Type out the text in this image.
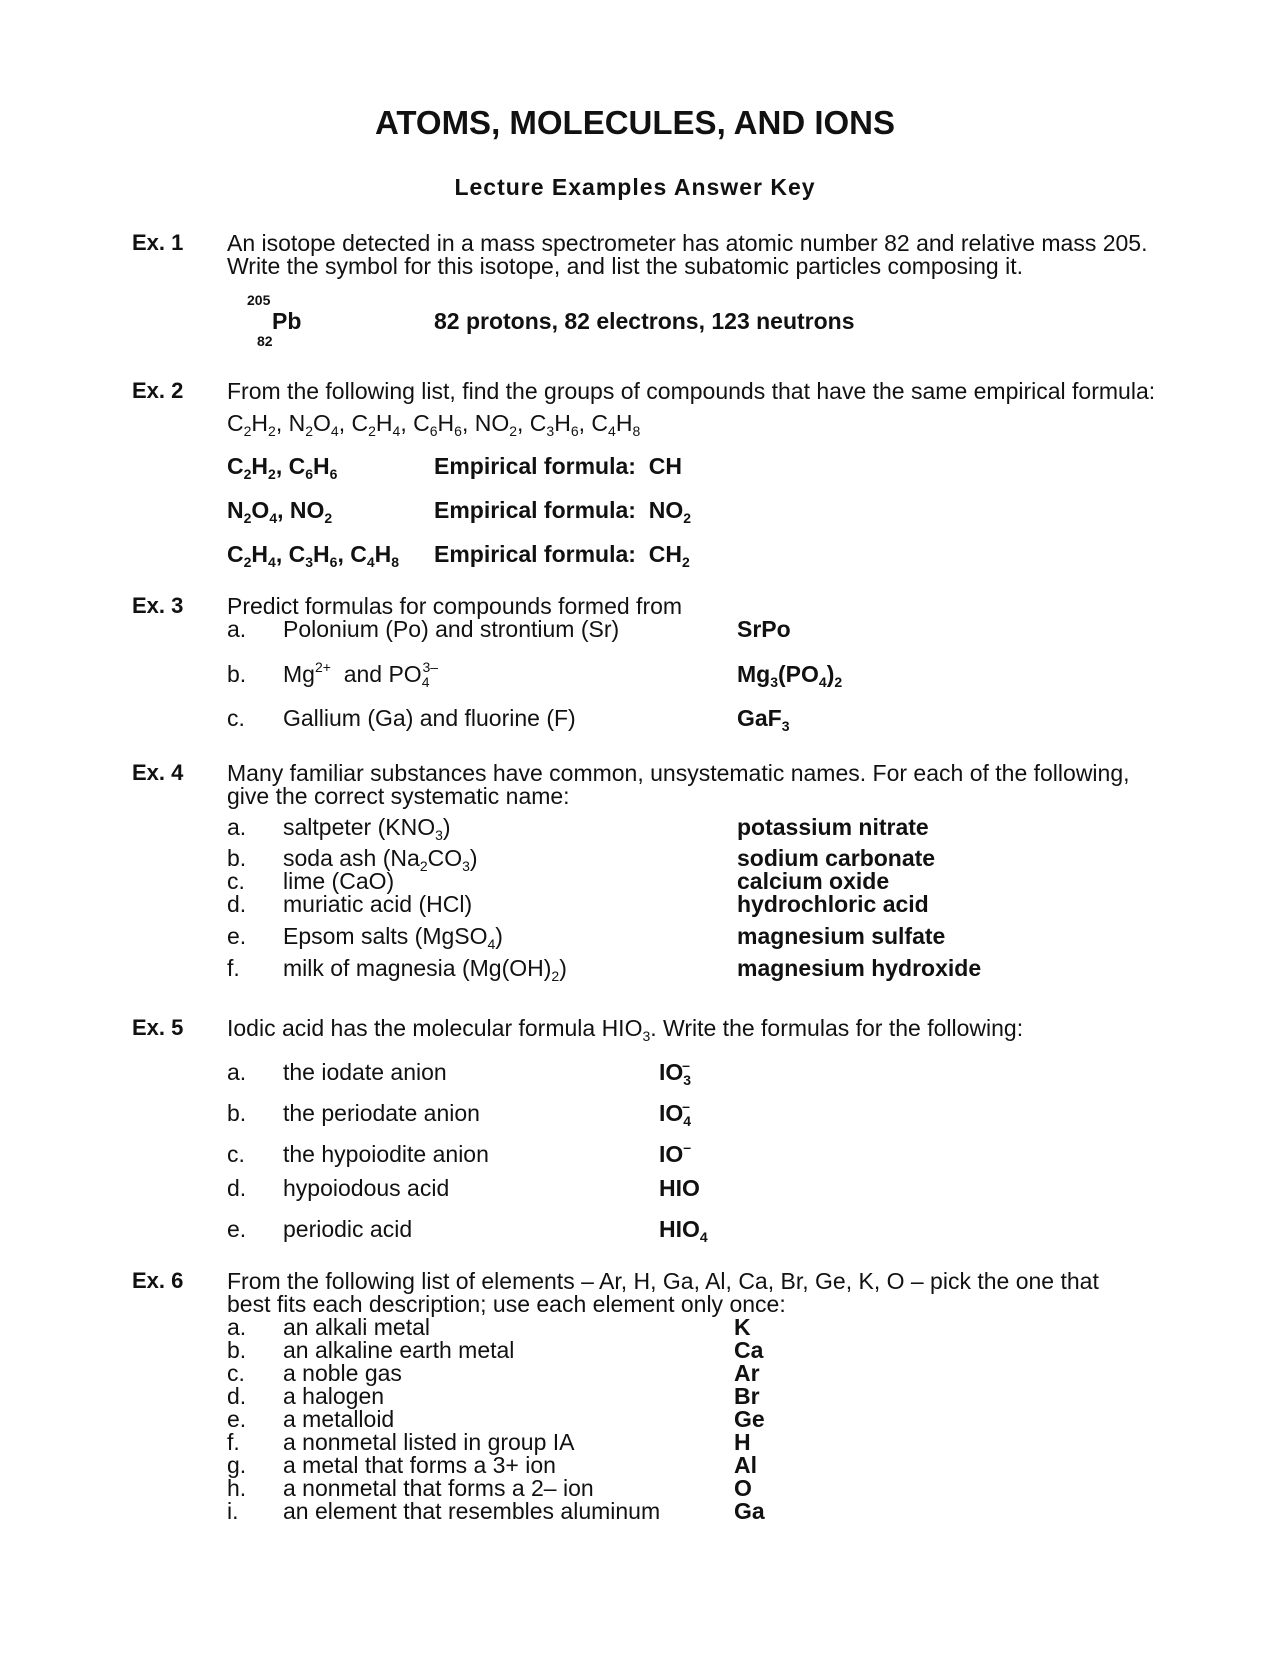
ATOMS, MOLECULES, AND IONS
Lecture Examples Answer Key
Ex. 1 An isotope detected in a mass spectrometer has atomic number 82 and relative mass 205.
Write the symbol for this isotope, and list the subatomic particles composing it.
205
Pb
82
82 protons, 82 electrons, 123 neutrons
Ex. 2 From the following list, find the groups of compounds that have the same empirical formula:
$C_2H_2$, $N_2O_4$, $C_2H_4$, $C_6H_6$, $NO_2$, $C_3H_6$, $C_4H_8$
$C_2H_2$, $C_6H_6$	Empirical formula:  CH
$N_2O_4$, $NO_2$	Empirical formula:  $NO_2$
$C_2H_4$, $C_3H_6$, $C_4H_8$ Empirical formula:  $CH_2$
Ex. 3 Predict formulas for compounds formed from
a. Polonium (Po) and strontium (Sr)	SrPo
b. $Mg^{2+}$ and $PO_4^{3-}$	$Mg_3(PO_4)_2$
c. Gallium (Ga) and fluorine (F)	GaF$_3$
Ex. 4 Many familiar substances have common, unsystematic names. For each of the following,
give the correct systematic name:
a. saltpeter $(KNO_3)$	potassium nitrate
b. soda ash $(Na_2CO_3)$	sodium carbonate
c. lime (CaO)	calcium oxide
d. muriatic acid (HCl)	hydrochloric acid
e. Epsom salts (MgSO$_4$)	magnesium sulfate
f. milk of magnesia $(Mg(OH)_2)$	magnesium hydroxide
Ex. 5 Iodic acid has the molecular formula $HIO_3$. Write the formulas for the following:
a. the iodate anion	$IO_3^-$
b. the periodate anion	$IO_4^-$
c. the hypoiodite anion	IO–
d. hypoiodous acid	HIO
e. periodic acid	$HIO_4$
Ex. 6 From the following list of elements – Ar, H, Ga, Al, Ca, Br, Ge, K, O – pick the one that
best fits each description; use each element only once:
a. an alkali metal	K
b. an alkaline earth metal	Ca
c. a noble gas	Ar
d. a halogen	Br
e. a metalloid	Ge
f. a nonmetal listed in group IA	H
g. a metal that forms a 3+ ion	Al
h. a nonmetal that forms a 2– ion	O
i. an element that resembles aluminum	Ga
